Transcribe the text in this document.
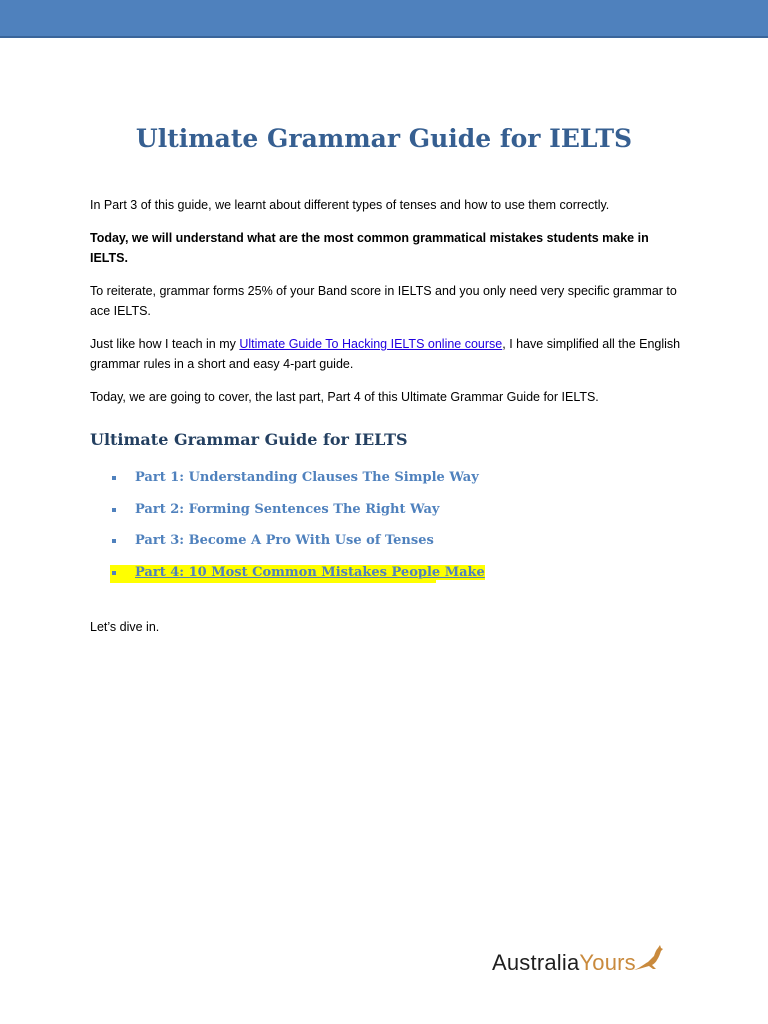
Ultimate Grammar Guide for IELTS

In Part 3 of this guide, we learnt about different types of tenses and how to use them correctly.

Today, we will understand what are the most common grammatical mistakes students make in IELTS.

To reiterate, grammar forms 25% of your Band score in IELTS and you only need very specific grammar to ace IELTS.

Just like how I teach in my Ultimate Guide To Hacking IELTS online course, I have simplified all the English grammar rules in a short and easy 4-part guide.

Today, we are going to cover, the last part, Part 4 of this Ultimate Grammar Guide for IELTS.

Ultimate Grammar Guide for IELTS
Part 1: Understanding Clauses The Simple Way
Part 2: Forming Sentences The Right Way
Part 3: Become A Pro With Use of Tenses
Part 4: 10 Most Common Mistakes People Make

Let’s dive in.

Australia Yours
